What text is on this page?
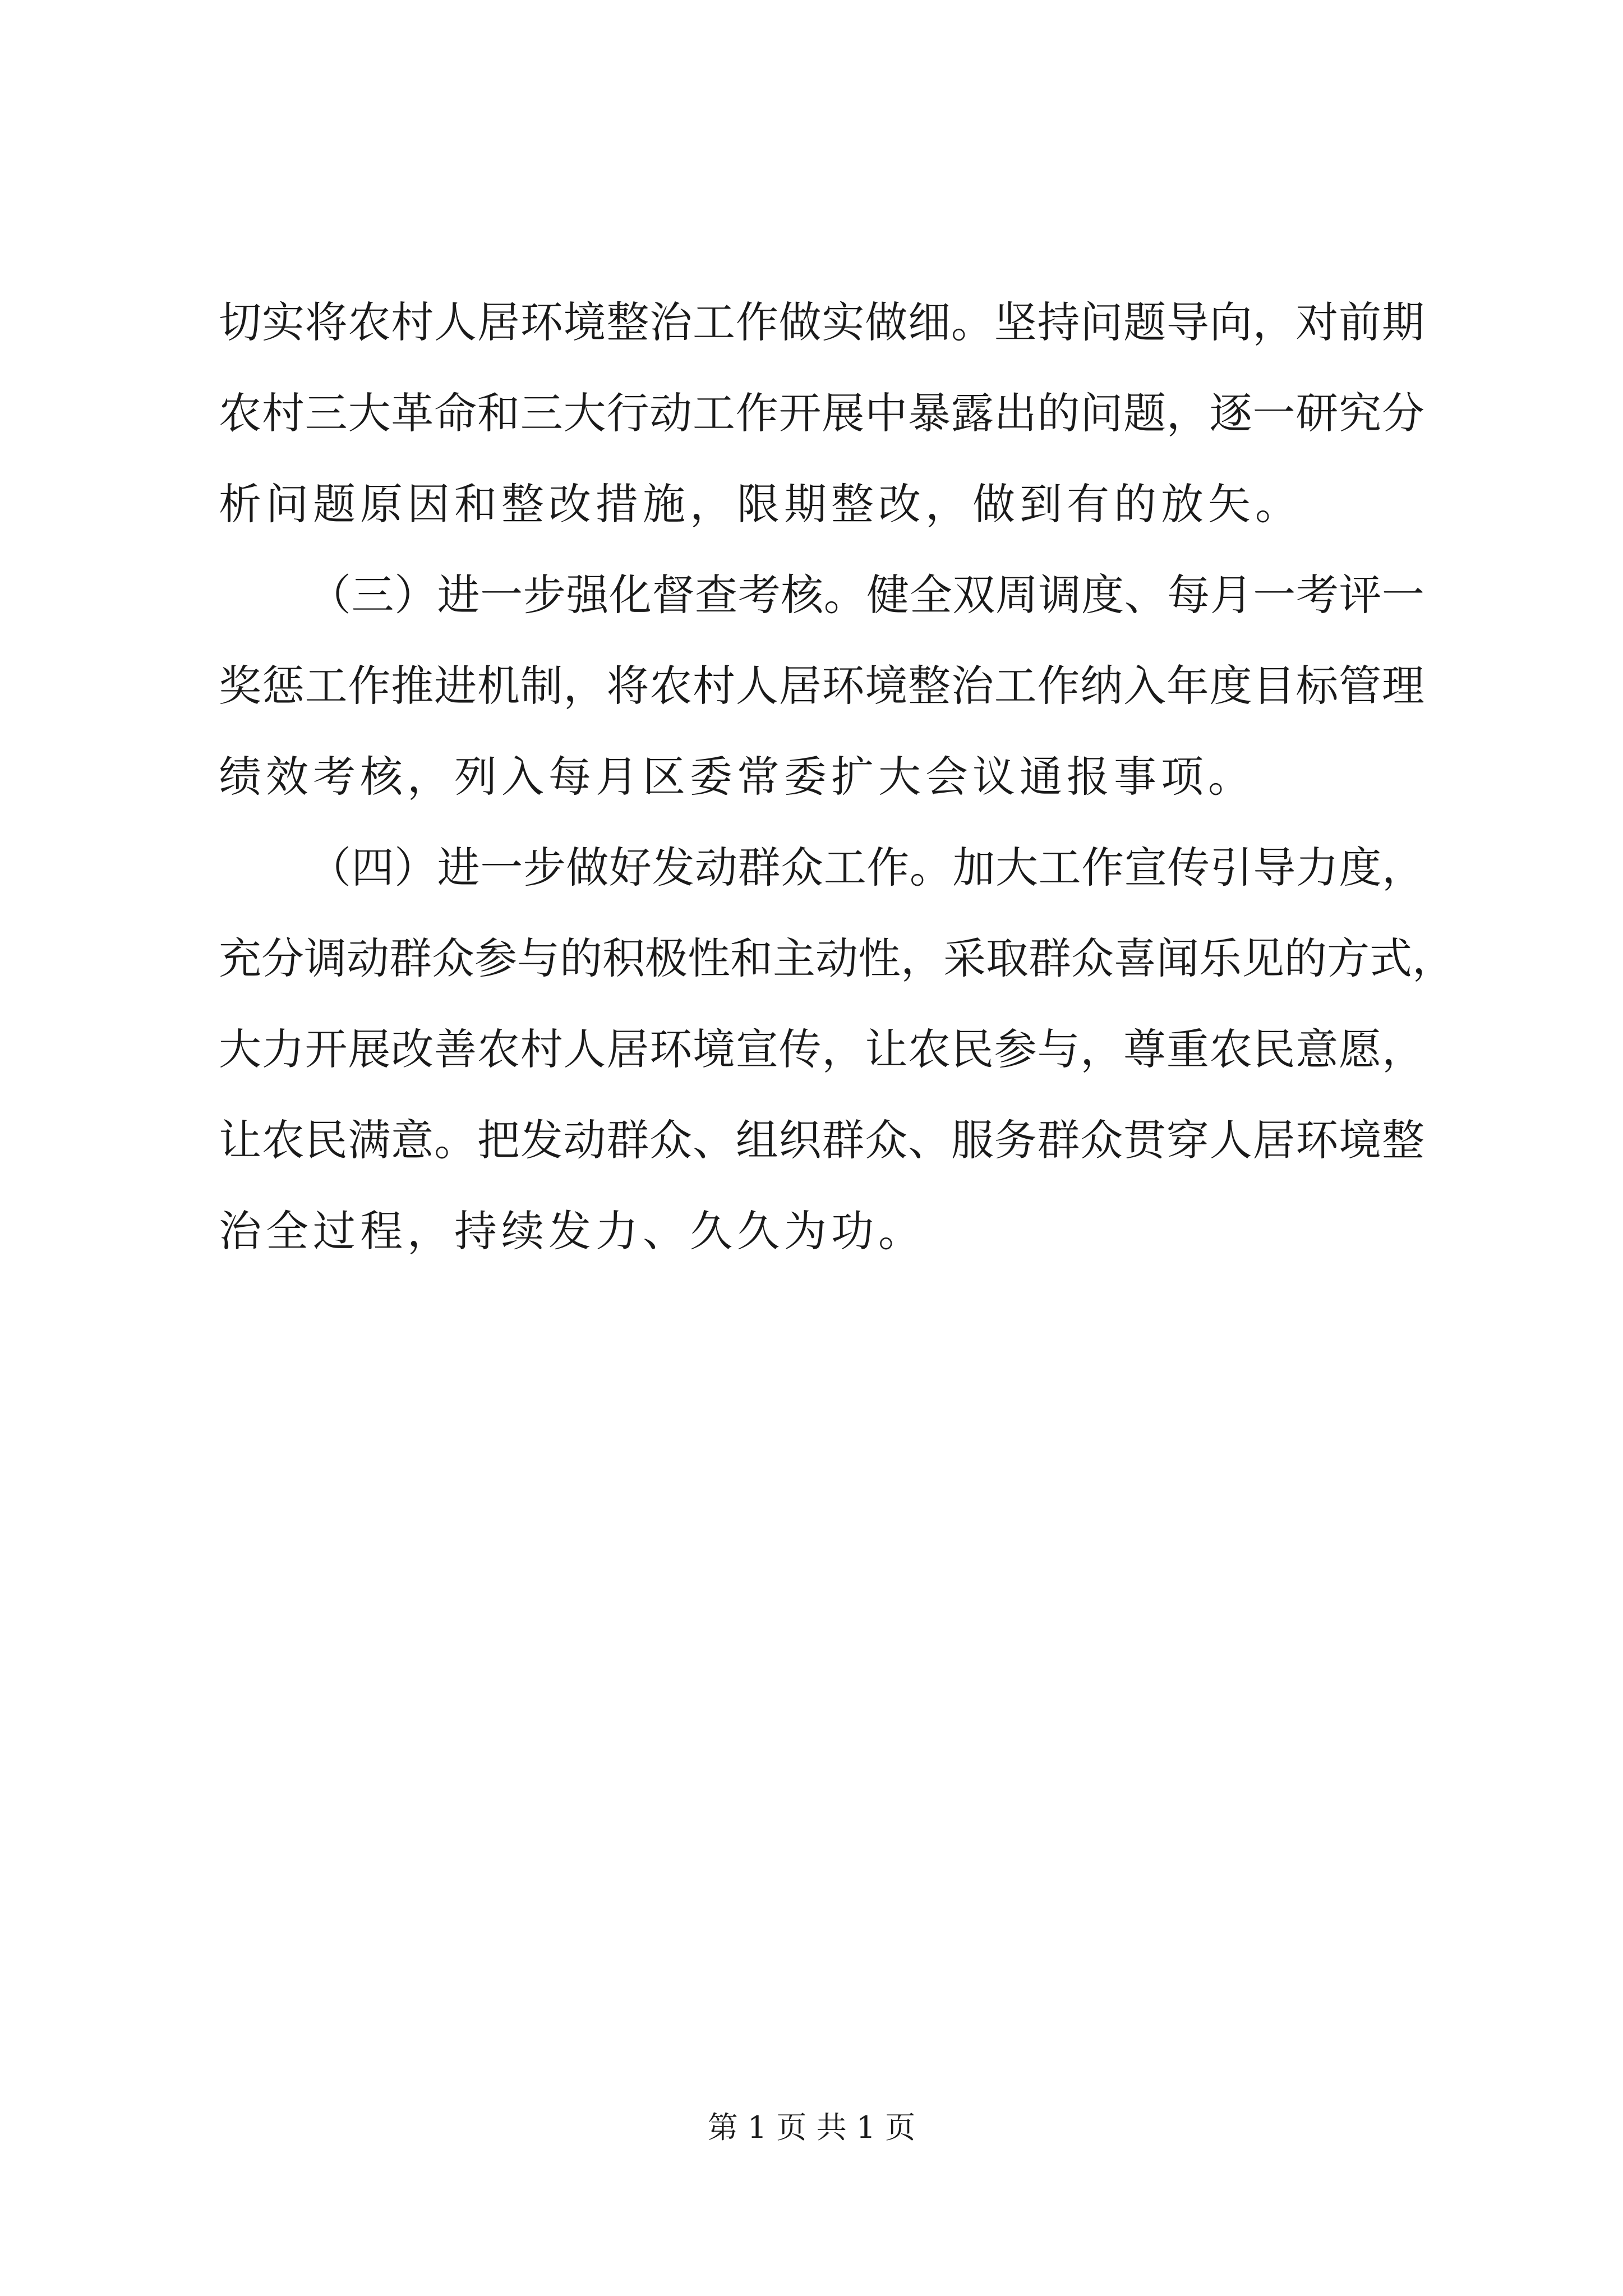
切实将农村人居环境整治工作做实做细。坚持问题导向，对前期
农村三大革命和三大行动工作开展中暴露出的问题，逐一研究分
析问题原因和整改措施，限期整改，做到有的放矢。
（三）进一步强化督查考核。健全双周调度、每月一考评一
奖惩工作推进机制，将农村人居环境整治工作纳入年度目标管理
绩效考核，列入每月区委常委扩大会议通报事项。
（四）进一步做好发动群众工作。加大工作宣传引导力度，
充分调动群众参与的积极性和主动性，采取群众喜闻乐见的方式，
大力开展改善农村人居环境宣传，让农民参与，尊重农民意愿，
让农民满意。把发动群众、组织群众、服务群众贯穿人居环境整
治全过程，持续发力、久久为功。
第 1 页 共 1 页
